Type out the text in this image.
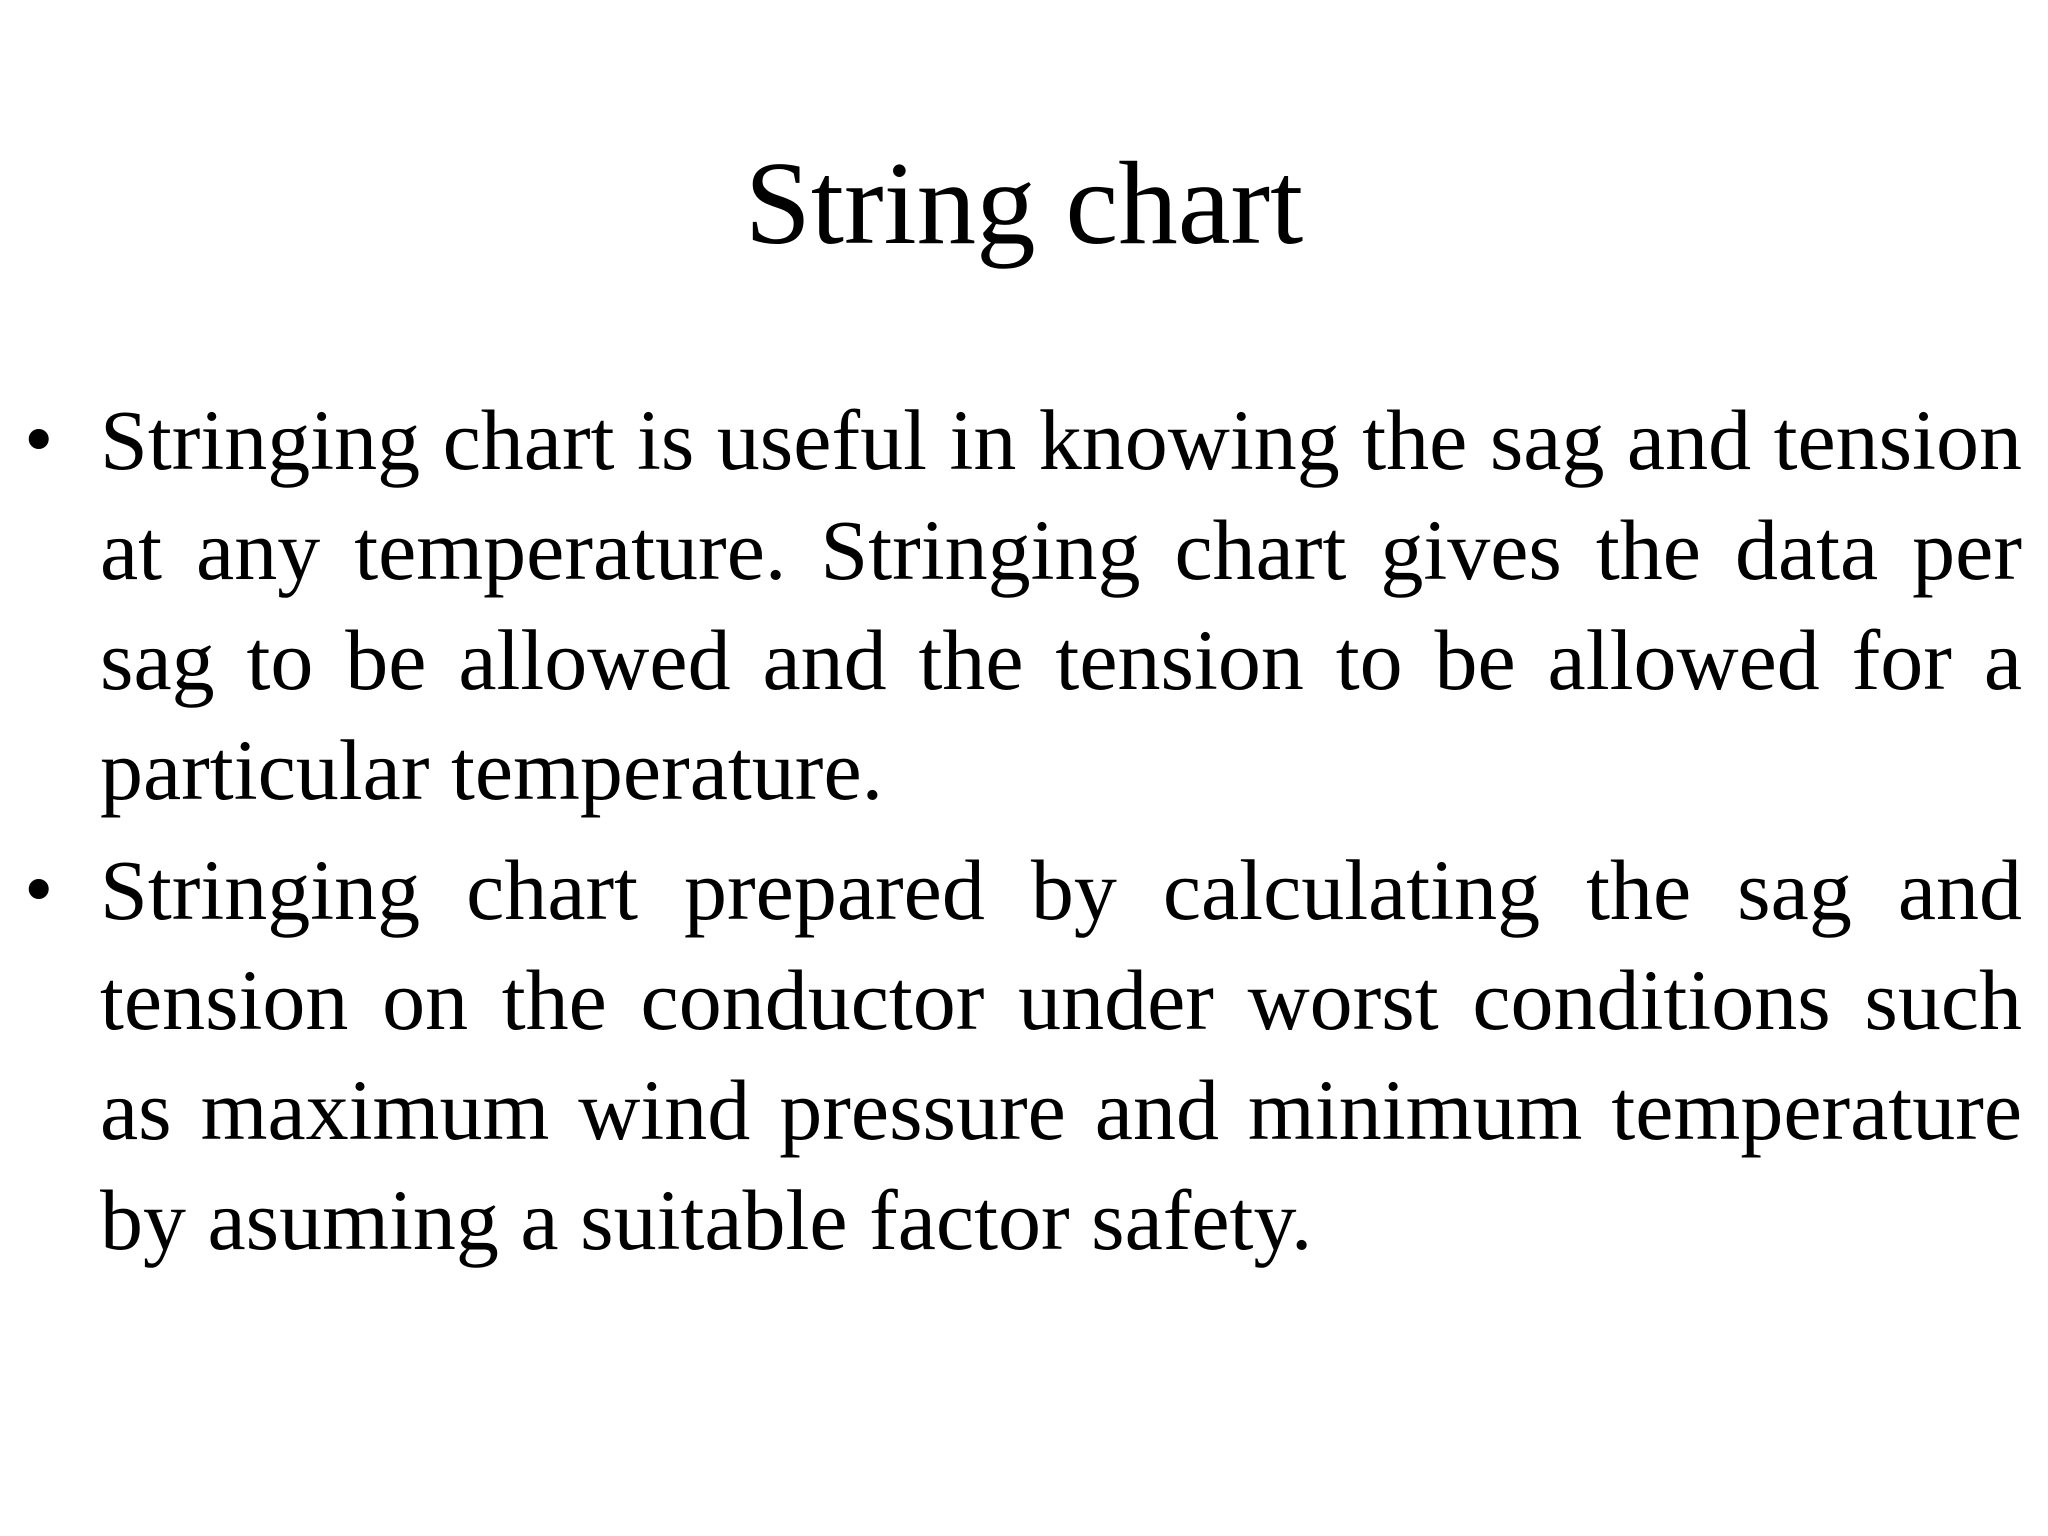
String chart
• Stringing chart is useful in knowing the sag and tension at any temperature. Stringing chart gives the data per sag to be allowed and the tension to be allowed for a particular temperature.
• Stringing chart prepared by calculating the sag and tension on the conductor under worst conditions such as maximum wind pressure and minimum temperature by asuming a suitable factor safety.
